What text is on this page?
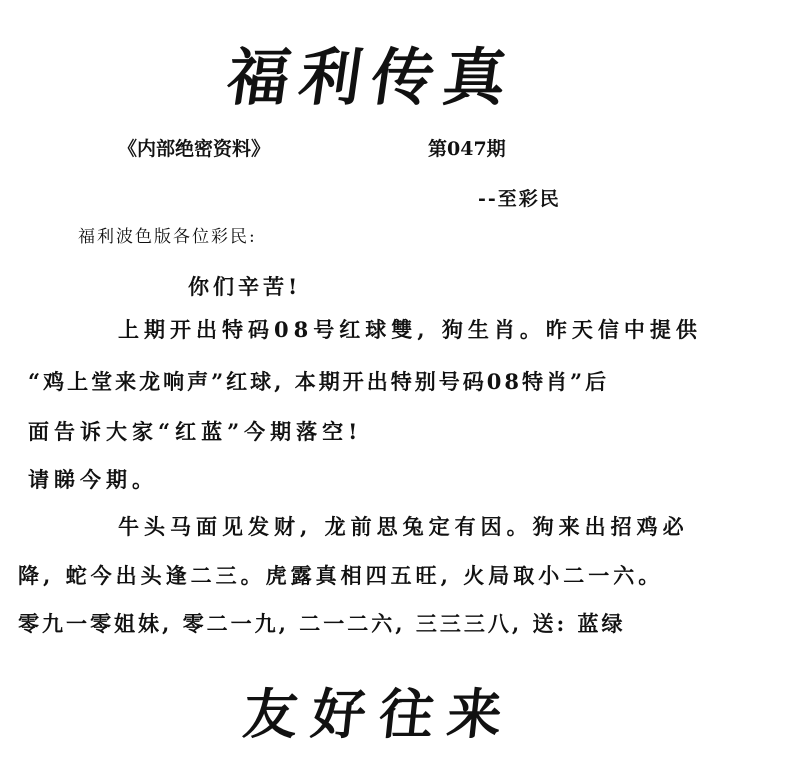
福利传真
《内部绝密资料》	第047期
--至彩民
福利波色版各位彩民:
你们辛苦!
上期开出特码08号红球雙, 狗生肖。昨天信中提供
“鸡上堂来龙响声”红球, 本期开出特别号码08特肖”后
面告诉大家“红蓝”今期落空!
请睇今期。
牛头马面见发财, 龙前思兔定有因。狗来出招鸡必
降, 蛇今出头逢二三。虎露真相四五旺, 火局取小二一六。
零九一零姐妹, 零二一九, 二一二六, 三三三八, 送: 蓝绿
友好往来
